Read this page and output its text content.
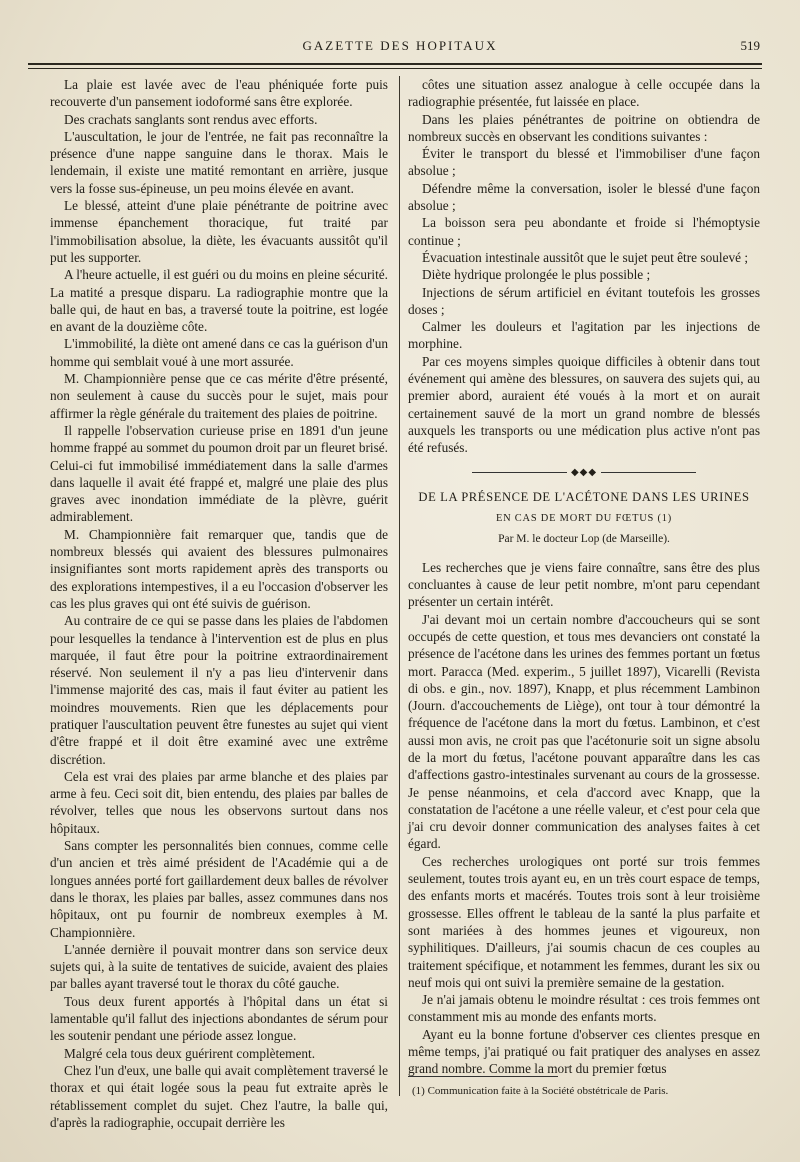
GAZETTE DES HOPITAUX	519

La plaie est lavée avec de l'eau phéniquée forte puis recouverte d'un pansement iodoformé sans être explorée.

Des crachats sanglants sont rendus avec efforts.

L'auscultation, le jour de l'entrée, ne fait pas reconnaître la présence d'une nappe sanguine dans le thorax. Mais le lendemain, il existe une matité remontant en arrière, jusque vers la fosse sus-épineuse, un peu moins élevée en avant.

Le blessé, atteint d'une plaie pénétrante de poitrine avec immense épanchement thoracique, fut traité par l'immobilisation absolue, la diète, les évacuants aussitôt qu'il put les supporter.

A l'heure actuelle, il est guéri ou du moins en pleine sécurité. La matité a presque disparu. La radiographie montre que la balle qui, de haut en bas, a traversé toute la poitrine, est logée en avant de la douzième côte.

L'immobilité, la diète ont amené dans ce cas la guérison d'un homme qui semblait voué à une mort assurée.

M. Championnière pense que ce cas mérite d'être présenté, non seulement à cause du succès pour le sujet, mais pour affirmer la règle générale du traitement des plaies de poitrine.

Il rappelle l'observation curieuse prise en 1891 d'un jeune homme frappé au sommet du poumon droit par un fleuret brisé. Celui-ci fut immobilisé immédiatement dans la salle d'armes dans laquelle il avait été frappé et, malgré une plaie des plus graves avec inondation immédiate de la plèvre, guérit admirablement.

M. Championnière fait remarquer que, tandis que de nombreux blessés qui avaient des blessures pulmonaires insignifiantes sont morts rapidement après des transports ou des explorations intempestives, il a eu l'occasion d'observer les cas les plus graves qui ont été suivis de guérison.

Au contraire de ce qui se passe dans les plaies de l'abdomen pour lesquelles la tendance à l'intervention est de plus en plus marquée, il faut être pour la poitrine extraordinairement réservé. Non seulement il n'y a pas lieu d'intervenir dans l'immense majorité des cas, mais il faut éviter au patient les moindres mouvements. Rien que les déplacements pour pratiquer l'auscultation peuvent être funestes au sujet qui vient d'être frappé et il doit être examiné avec une extrême discrétion.

Cela est vrai des plaies par arme blanche et des plaies par arme à feu. Ceci soit dit, bien entendu, des plaies par balles de révolver, telles que nous les observons surtout dans nos hôpitaux.

Sans compter les personnalités bien connues, comme celle d'un ancien et très aimé président de l'Académie qui a de longues années porté fort gaillardement deux balles de révolver dans le thorax, les plaies par balles, assez communes dans nos hôpitaux, ont pu fournir de nombreux exemples à M. Championnière.

L'année dernière il pouvait montrer dans son service deux sujets qui, à la suite de tentatives de suicide, avaient des plaies par balles ayant traversé tout le thorax du côté gauche.

Tous deux furent apportés à l'hôpital dans un état si lamentable qu'il fallut des injections abondantes de sérum pour les soutenir pendant une période assez longue.

Malgré cela tous deux guérirent complètement.

Chez l'un d'eux, une balle qui avait complètement traversé le thorax et qui était logée sous la peau fut extraite après le rétablissement complet du sujet. Chez l'autre, la balle qui, d'après la radiographie, occupait derrière les

côtes une situation assez analogue à celle occupée dans la radiographie présentée, fut laissée en place.

Dans les plaies pénétrantes de poitrine on obtiendra de nombreux succès en observant les conditions suivantes :

Éviter le transport du blessé et l'immobiliser d'une façon absolue ;

Défendre même la conversation, isoler le blessé d'une façon absolue ;

La boisson sera peu abondante et froide si l'hémoptysie continue ;

Évacuation intestinale aussitôt que le sujet peut être soulevé ;

Diète hydrique prolongée le plus possible ;

Injections de sérum artificiel en évitant toutefois les grosses doses ;

Calmer les douleurs et l'agitation par les injections de morphine.

Par ces moyens simples quoique difficiles à obtenir dans tout événement qui amène des blessures, on sauvera des sujets qui, au premier abord, auraient été voués à la mort et on aurait certainement sauvé de la mort un grand nombre de blessés auxquels les transports ou une médication plus active n'ont pas été refusés.

◆◆◆
DE LA PRÉSENCE DE L'ACÉTONE DANS LES URINES
EN CAS DE MORT DU FŒTUS (1)
Par M. le docteur Lop (de Marseille).

Les recherches que je viens faire connaître, sans être des plus concluantes à cause de leur petit nombre, m'ont paru cependant présenter un certain intérêt.

J'ai devant moi un certain nombre d'accoucheurs qui se sont occupés de cette question, et tous mes devanciers ont constaté la présence de l'acétone dans les urines des femmes portant un fœtus mort. Paracca (Med. experim., 5 juillet 1897), Vicarelli (Revista di obs. e gin., nov. 1897), Knapp, et plus récemment Lambinon (Journ. d'accouchements de Liège), ont tour à tour démontré la fréquence de l'acétone dans la mort du fœtus. Lambinon, et c'est aussi mon avis, ne croit pas que l'acétonurie soit un signe absolu de la mort du fœtus, l'acétone pouvant apparaître dans les cas d'affections gastro-intestinales survenant au cours de la grossesse. Je pense néanmoins, et cela d'accord avec Knapp, que la constatation de l'acétone a une réelle valeur, et c'est pour cela que j'ai cru devoir donner communication des analyses faites à cet égard.

Ces recherches urologiques ont porté sur trois femmes seulement, toutes trois ayant eu, en un très court espace de temps, des enfants morts et macérés. Toutes trois sont à leur troisième grossesse. Elles offrent le tableau de la santé la plus parfaite et sont mariées à des hommes jeunes et vigoureux, non syphilitiques. D'ailleurs, j'ai soumis chacun de ces couples au traitement spécifique, et notamment les femmes, durant les six ou neuf mois qui ont suivi la première semaine de la gestation.

Je n'ai jamais obtenu le moindre résultat : ces trois femmes ont constamment mis au monde des enfants morts.

Ayant eu la bonne fortune d'observer ces clientes presque en même temps, j'ai pratiqué ou fait pratiquer des analyses en assez grand nombre. Comme la mort du premier fœtus

(1) Communication faite à la Société obstétricale de Paris.
